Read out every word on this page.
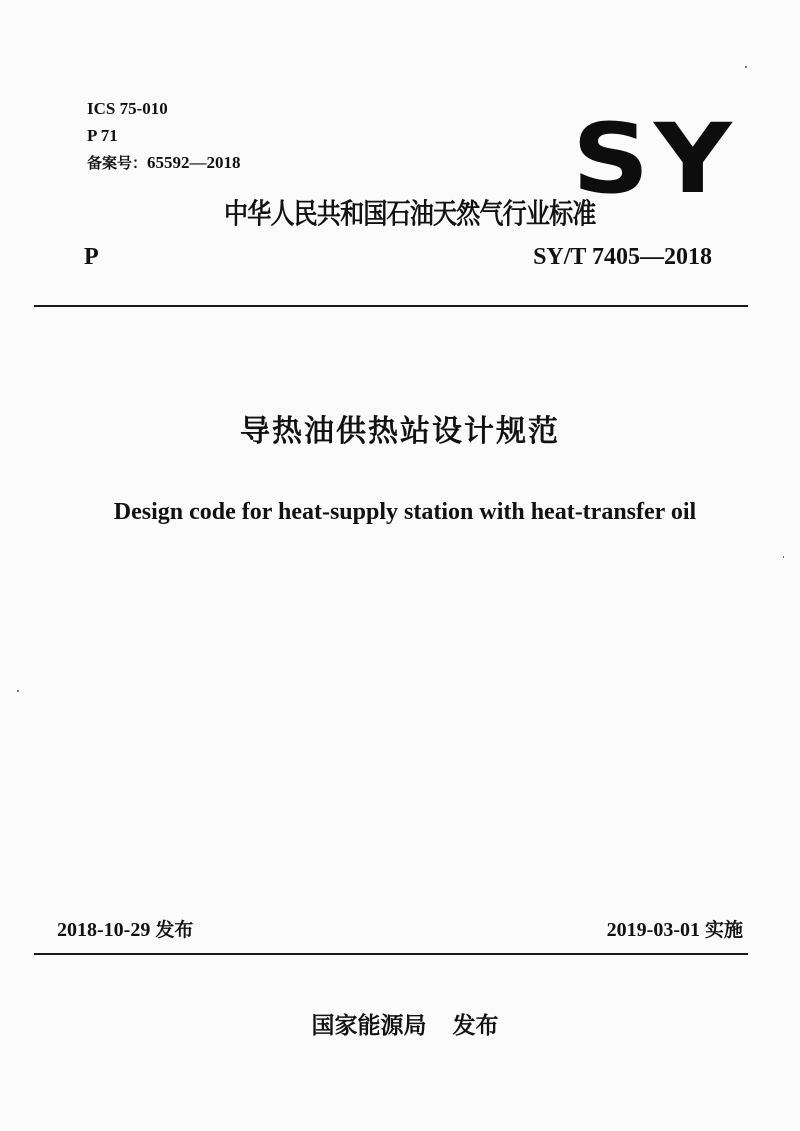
ICS 75-010
P 71
备案号：65592—2018	SY
中华人民共和国石油天然气行业标准
P	SY/T 7405—2018
导热油供热站设计规范
Design code for heat-supply station with heat-transfer oil
2018-10-29 发布	2019-03-01 实施
国家能源局 发布
